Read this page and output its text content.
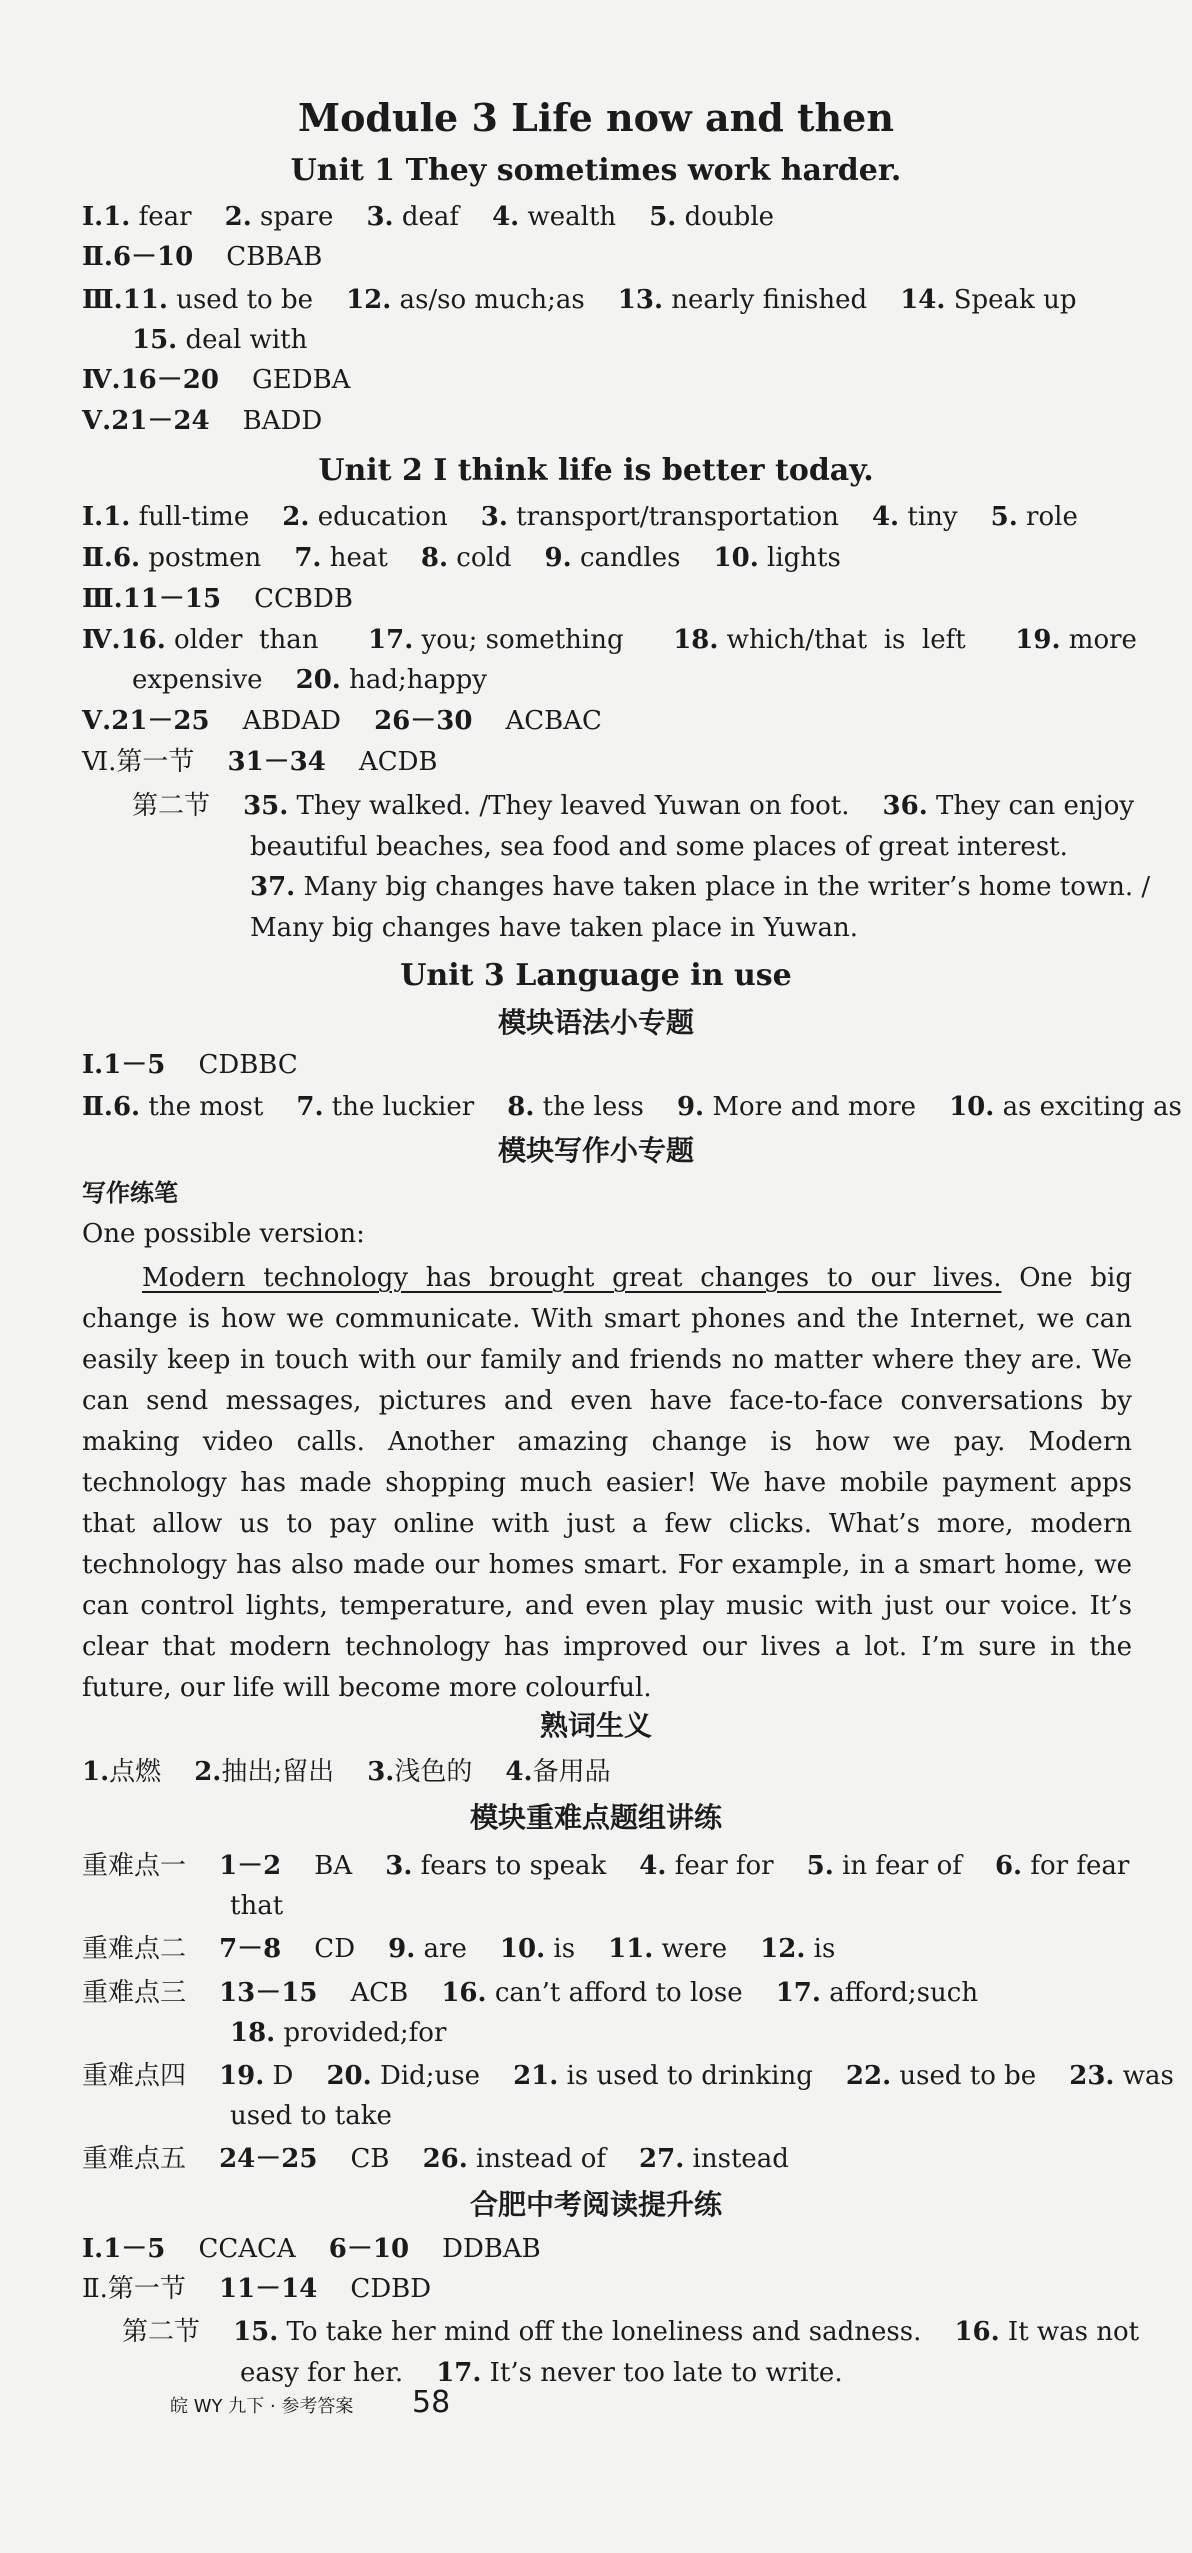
Module 3 Life now and then
Unit 1 They sometimes work harder.
Ⅰ.1. fear    2. spare    3. deaf    4. wealth    5. double
Ⅱ.6－10    CBBAB
Ⅲ.11. used to be    12. as/so much;as    13. nearly finished    14. Speak up
15. deal with
Ⅳ.16－20    GEDBA
Ⅴ.21－24    BADD
Unit 2 I think life is better today.
Ⅰ.1. full-time    2. education    3. transport/transportation    4. tiny    5. role
Ⅱ.6. postmen    7. heat    8. cold    9. candles    10. lights
Ⅲ.11－15    CCBDB
Ⅳ.16. older  than      17. you; something      18. which/that  is  left      19. more
expensive    20. had;happy
Ⅴ.21－25    ABDAD    26－30    ACBAC
Ⅵ.第一节    31－34    ACDB
第二节    35. They walked. /They leaved Yuwan on foot.    36. They can enjoy
beautiful beaches, sea food and some places of great interest.
37. Many big changes have taken place in the writer’s home town. /
Many big changes have taken place in Yuwan.
Unit 3 Language in use
模块语法小专题
Ⅰ.1－5    CDBBC
Ⅱ.6. the most    7. the luckier    8. the less    9. More and more    10. as exciting as
模块写作小专题
写作练笔
One possible version:
Modern technology has brought great changes to our lives. One big change is how we communicate. With smart phones and the Internet, we can easily keep in touch with our family and friends no matter where they are. We can send messages, pictures and even have face-to-face conversations by making video calls. Another amazing change is how we pay. Modern technology has made shopping much easier! We have mobile payment apps that allow us to pay online with just a few clicks. What’s more, modern technology has also made our homes smart. For example, in a smart home, we can control lights, temperature, and even play music with just our voice. It’s clear that modern technology has improved our lives a lot. I’m sure in the future, our life will become more colourful.
熟词生义
1.点燃    2.抽出;留出    3.浅色的    4.备用品
模块重难点题组讲练
重难点一    1－2    BA    3. fears to speak    4. fear for    5. in fear of    6. for fear
that
重难点二    7－8    CD    9. are    10. is    11. were    12. is
重难点三    13－15    ACB    16. can’t afford to lose    17. afford;such
18. provided;for
重难点四    19. D    20. Did;use    21. is used to drinking    22. used to be    23. was
used to take
重难点五    24－25    CB    26. instead of    27. instead
合肥中考阅读提升练
Ⅰ.1－5    CCACA    6－10    DDBAB
Ⅱ.第一节    11－14    CDBD
第二节    15. To take her mind off the loneliness and sadness.    16. It was not
easy for her.    17. It’s never too late to write.
皖 WY 九下 · 参考答案 58
